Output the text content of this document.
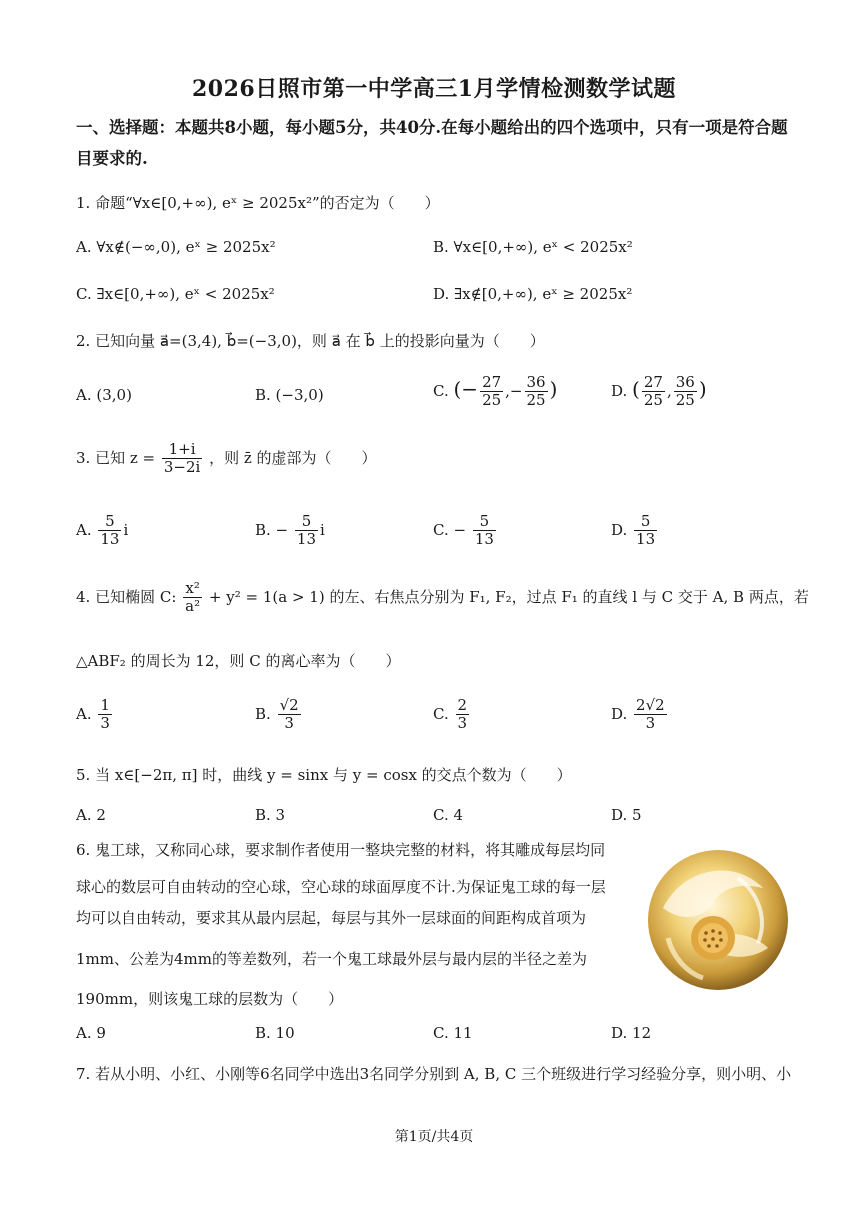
2026日照市第一中学高三1月学情检测数学试题
一、选择题：本题共8小题，每小题5分，共40分.在每小题给出的四个选项中，只有一项是符合题目要求的.
1. 命题“∀x∈[0,+∞), eˣ ≥ 2025x²”的否定为（　　）
A. ∀x∉(−∞,0), eˣ ≥ 2025x²	B. ∀x∈[0,+∞), eˣ < 2025x²
C. ∃x∈[0,+∞), eˣ < 2025x²	D. ∃x∉[0,+∞), eˣ ≥ 2025x²
2. 已知向量 a⃗=(3,4), b⃗=(−3,0)，则 a⃗ 在 b⃗ 上的投影向量为（　　）
A. (3,0)	B. (−3,0)	C. (− $\frac{27}{25}$ ,− $\frac{36}{25}$ )	D. ( $\frac{27}{25}$ , $\frac{36}{25}$ )
3. 已知 $z = \frac{1+i}{3-2i}$ ，则 z̄ 的虚部为（　　）
A. $\frac{5}{13}$ i	B. − $\frac{5}{13}$ i	C. − $\frac{5}{13}$	D. $\frac{5}{13}$
4. 已知椭圆 C: $\frac{\text{x²}}{\text{a²}} + y^2 = 1(a > 1)$ 的左、右焦点分别为 F₁, F₂，过点 F₁ 的直线 l 与 C 交于 A, B 两点，若
△ABF₂ 的周长为 12，则 C 的离心率为（　　）
A. $\frac{1}{3}$	B. $\frac{√2}{3}$	C. $\frac{2}{3}$	D. $\frac{2√2}{3}$
5. 当 x∈[−2π, π] 时，曲线 y = sinx 与 y = cosx 的交点个数为（　　）
A. 2	B. 3	C. 4	D. 5
6. 鬼工球，又称同心球，要求制作者使用一整块完整的材料，将其雕成每层均同
球心的数层可自由转动的空心球，空心球的球面厚度不计.为保证鬼工球的每一层
均可以自由转动，要求其从最内层起，每层与其外一层球面的间距构成首项为
1mm、公差为4mm的等差数列，若一个鬼工球最外层与最内层的半径之差为
190mm，则该鬼工球的层数为（　　）
A. 9	B. 10	C. 11	D. 12
7. 若从小明、小红、小刚等6名同学中选出3名同学分别到 A, B, C 三个班级进行学习经验分享，则小明、小
第1页/共4页
